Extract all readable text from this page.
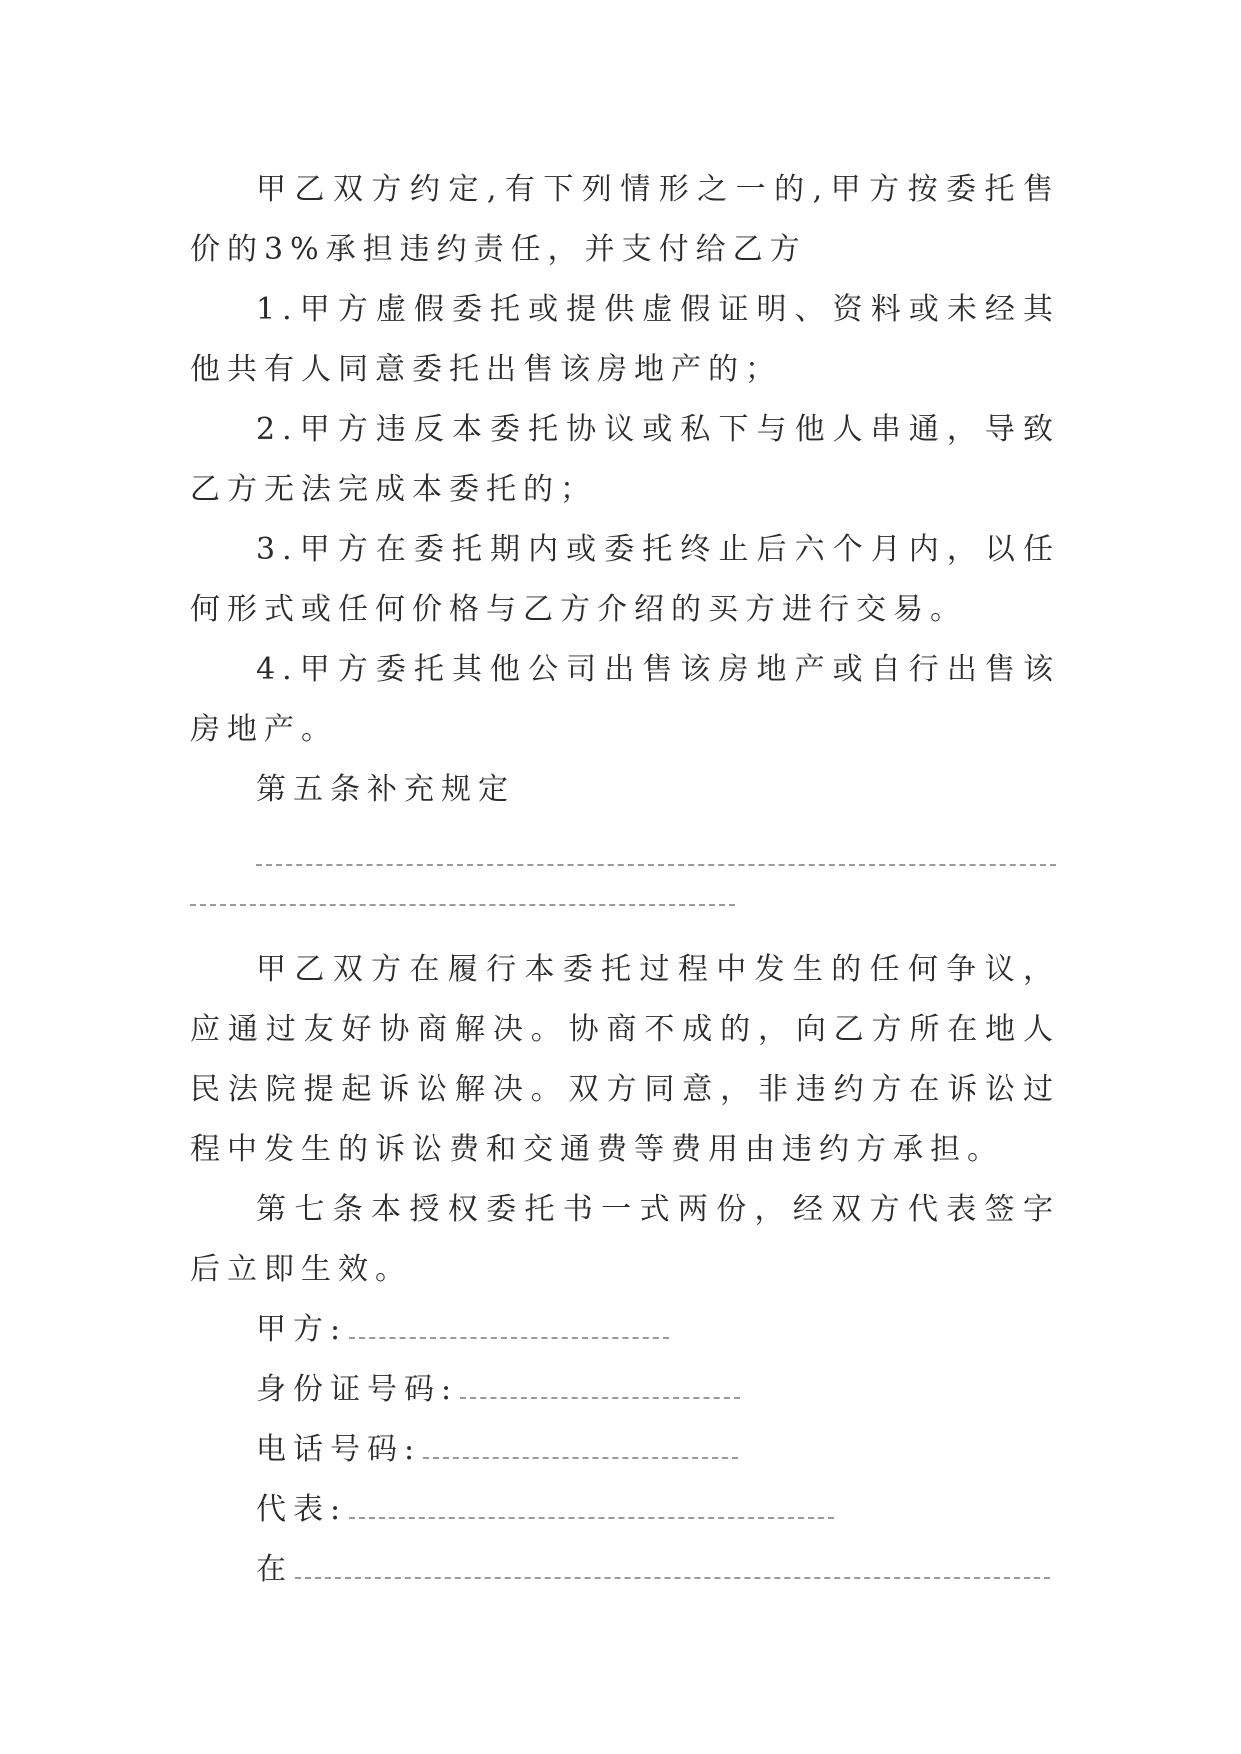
甲乙双方约定,有下列情形之一的,甲方按委托售价的3%承担违约责任，并支付给乙方

1.甲方虚假委托或提供虚假证明、资料或未经其他共有人同意委托出售该房地产的；

2.甲方违反本委托协议或私下与他人串通，导致乙方无法完成本委托的；

3.甲方在委托期内或委托终止后六个月内，以任何形式或任何价格与乙方介绍的买方进行交易。

4.甲方委托其他公司出售该房地产或自行出售该房地产。

第五条补充规定

甲乙双方在履行本委托过程中发生的任何争议，应通过友好协商解决。协商不成的，向乙方所在地人民法院提起诉讼解决。双方同意，非违约方在诉讼过程中发生的诉讼费和交通费等费用由违约方承担。

第七条本授权委托书一式两份，经双方代表签字后立即生效。

甲方:
身份证号码:
电话号码:
代表:
在
